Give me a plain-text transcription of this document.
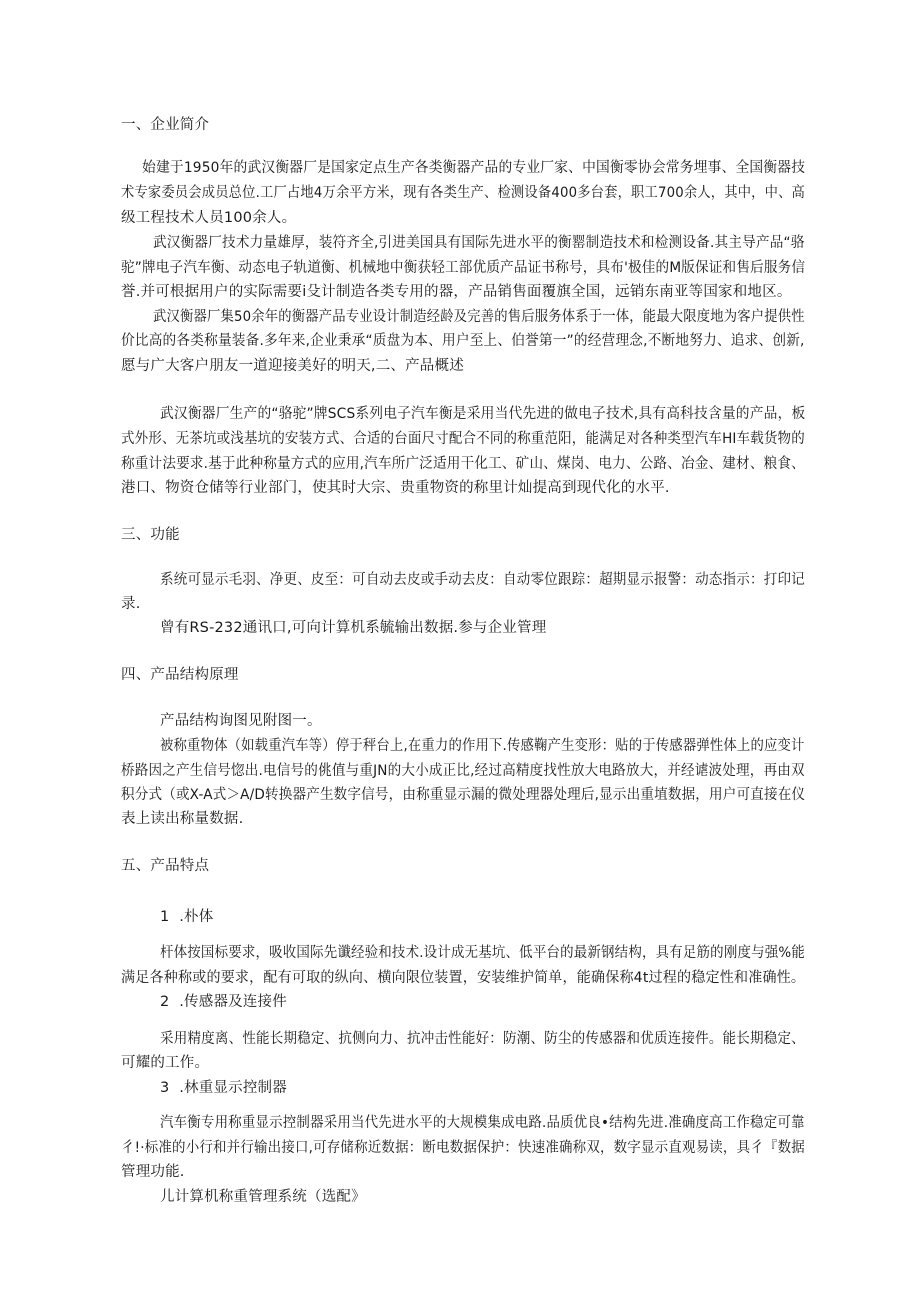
一、企业简介
始建于1950年的武汉衡器厂是国家定点生产各类衡器产品的专业厂家、中国衡零协会常务埋事、全国衡器技
术专家委员会成员总位.工厂占地4万余平方米，现有各类生产、检测设备400多台套，职工700余人，其中，中、高
级工程技术人员100余人。
武汉衡器厂技术力量雄厚，装符齐全,引进美国具有国际先进水平的衡罂制造技术和检测设备.其主导产品“骆
驼”牌电子汽车衡、动态电子轨道衡、机械地中衡获轻工部优质产品证书称号，具布'极佳的M版保证和售后服务信
誉.并可根据用户的实际需要i殳计制造各类专用的器，产品销售面覆旗全国，远销东南亚等国家和地区。
武汉衡器厂集50余年的衡器产品专业设计制造经龄及完善的售后服务体系于一体，能最大限度地为客户提供性
价比高的各类称量装备.多年来,企业秉承“质盘为本、用户至上、伯誉第一”的经营理念,不断地努力、追求、创新,
愿与广大客户朋友一道迎接美好的明天,二、产品概述
武汉衡器厂生产的“骆驼”牌SCS系列电子汽车衡是采用当代先进的做电子技术,具有高科技含量的产品，板
式外形、无茶坑或浅基坑的安装方式、合适的台面尺寸配合不同的称重范阳，能满足对各种类型汽车HI车载货物的
称重计法要求.基于此种称量方式的应用,汽车所广泛适用干化工、矿山、煤岗、电力、公路、冶金、建材、粮食、
港口、物资仓储等行业部门，使其时大宗、贵重物资的称里计灿提高到现代化的水平.
三、功能
系统可显示毛羽、净更、皮至：可自动去皮或手动去皮：自动零位跟踪：超期显示报警：动态指示：打印记
录.
曾有RS-232通讯口,可向计算机系毓输出数据.参与企业管理
四、产品结构原理
产品结构询图见附图一。
被称重物体（如载重汽车等）停于秤台上,在重力的作用下.传感鞠产生变形：贴的于传感器弹性体上的应变计
桥路因之产生信号惚出.电信号的佻值与重JN的大小成正比,经过高精度找性放大电路放大，并经谑波处理，再由双
积分式（或X-A式＞A/D转换器产生数字信号，由称重显示漏的微处理器处理后,显示出重埴数据，用户可直接在仪
表上读出称量数据.
五、产品特点
1	.朴体
杆体按国标要求，吸收国际先谶经验和技术.设计成无基坑、低平台的最新钢结构，具有足筋的刚度与强%能
满足各种称或的要求，配有可取的纵向、横向限位装置，安装维护简单，能确保称4t过程的稳定性和准确性。
2	.传感器及连接件
采用精度离、性能长期稳定、抗侧向力、抗冲击性能好：防潮、防尘的传感器和优质连接件。能长期稳定、
可耀的工作。
3	.林重显示控制器
汽车衡专用称重显示控制器采用当代先进水平的大规模集成电路.品质优良•结构先进.准确度高工作稳定可靠
彳!·标准的小行和并行输出接口,可存储称近数据：断电数据保护：快速准确称双，数字显示直观易读，具彳『数据
管理功能.
儿计算机称重管理系统（选配》
